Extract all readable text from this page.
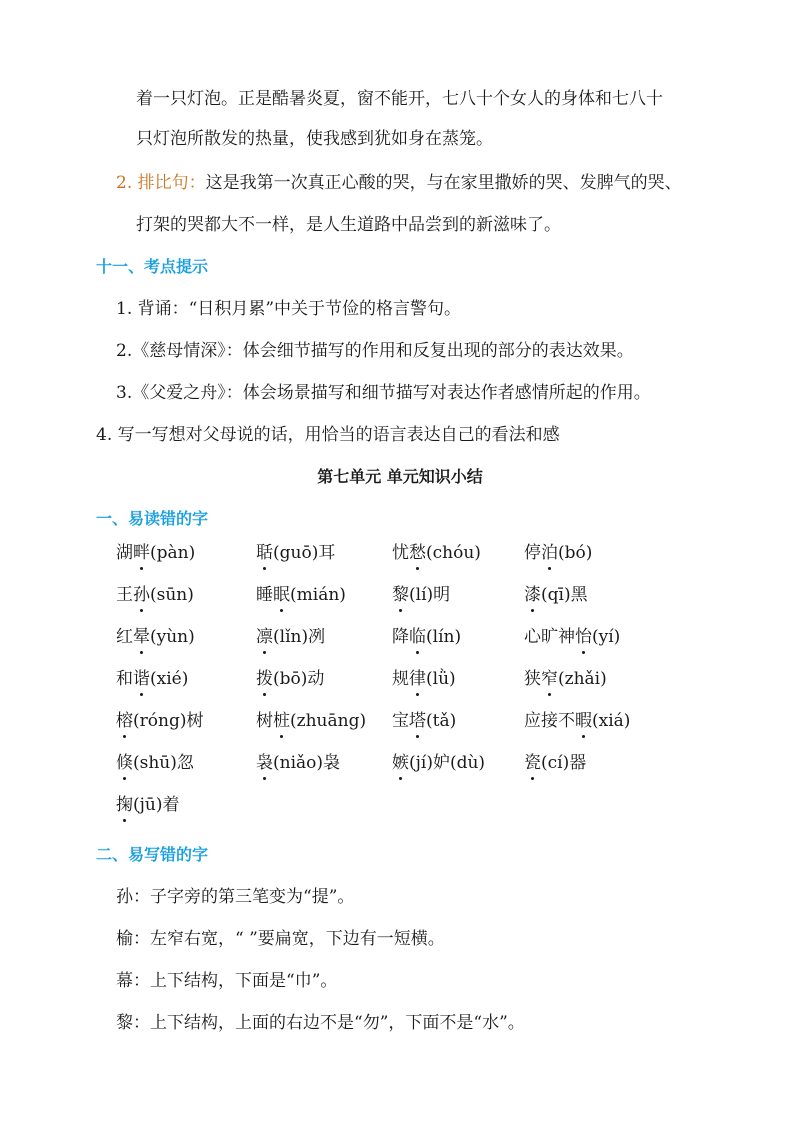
着一只灯泡。正是酷暑炎夏，窗不能开，七八十个女人的身体和七八十
只灯泡所散发的热量，使我感到犹如身在蒸笼。
2. 排比句：这是我第一次真正心酸的哭，与在家里撒娇的哭、发脾气的哭、
打架的哭都大不一样，是人生道路中品尝到的新滋味了。
十一、考点提示
1. 背诵：“日积月累”中关于节俭的格言警句。
2.《慈母情深》：体会细节描写的作用和反复出现的部分的表达效果。
3.《父爱之舟》：体会场景描写和细节描写对表达作者感情所起的作用。
4. 写一写想对父母说的话，用恰当的语言表达自己的看法和感
第七单元 单元知识小结
一、易读错的字
湖畔(pàn)	聒(guō)耳	忧愁(chóu)	停泊(bó)
王孙(sūn)	睡眠(mián)	黎(lí)明	漆(qī)黑
红晕(yùn)	凛(lǐn)冽	降临(lín)	心旷神怡(yí)
和谐(xié)	拨(bō)动	规律(lǜ)	狭窄(zhǎi)
榕(róng)树	树桩(zhuāng) 宝塔(tǎ)	应接不暇(xiá)
倏(shū)忽	袅(niǎo)袅	嫉(jí)妒(dù) 瓷(cí)器
掬(jū)着
二、易写错的字
孙：子字旁的第三笔变为“提”。
榆：左窄右宽，“ ”要扁宽，下边有一短横。
幕：上下结构，下面是“巾”。
黎：上下结构，上面的右边不是“勿”，下面不是“水”。
